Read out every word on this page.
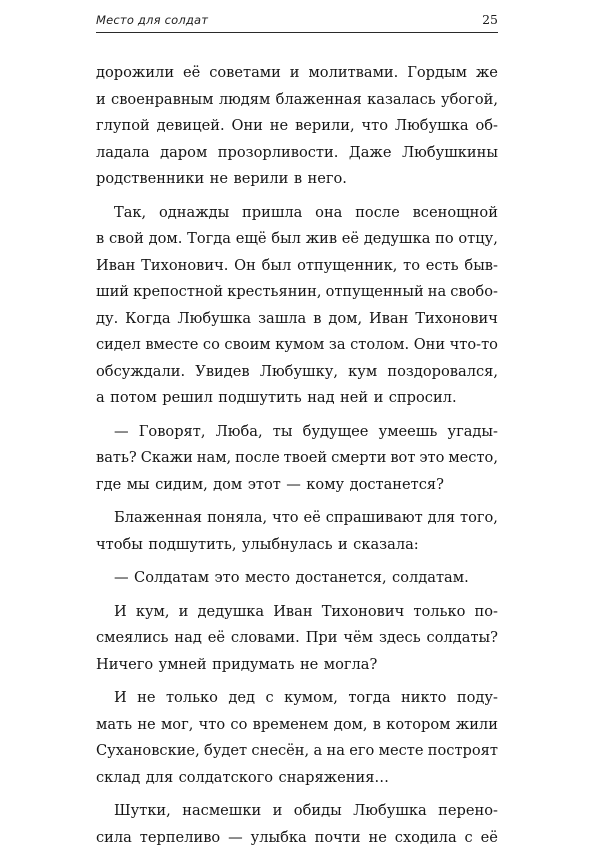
Место для солдат	25
дорожили её советами и молитвами. Гордым же
и своенравным людям блаженная казалась убогой,
глупой девицей. Они не верили, что Любушка об-
ладала даром прозорливости. Даже Любушкины
родственники не верили в него.
Так, однажды пришла она после всенощной
в свой дом. Тогда ещё был жив её дедушка по отцу,
Иван Тихонович. Он был отпущенник, то есть быв-
ший крепостной крестьянин, отпущенный на свобо-
ду. Когда Любушка зашла в дом, Иван Тихонович
сидел вместе со своим кумом за столом. Они что-то
обсуждали. Увидев Любушку, кум поздоровался,
а потом решил подшутить над ней и спросил.
— Говорят, Люба, ты будущее умеешь угады-
вать? Скажи нам, после твоей смерти вот это место,
где мы сидим, дом этот — кому достанется?
Блаженная поняла, что её спрашивают для того,
чтобы подшутить, улыбнулась и сказала:
— Солдатам это место достанется, солдатам.
И кум, и дедушка Иван Тихонович только по-
смеялись над её словами. При чём здесь солдаты?
Ничего умней придумать не могла?
И не только дед с кумом, тогда никто поду-
мать не мог, что со временем дом, в котором жили
Сухановские, будет снесён, а на его месте построят
склад для солдатского снаряжения…
Шутки, насмешки и обиды Любушка перено-
сила терпеливо — улыбка почти не сходила с её
